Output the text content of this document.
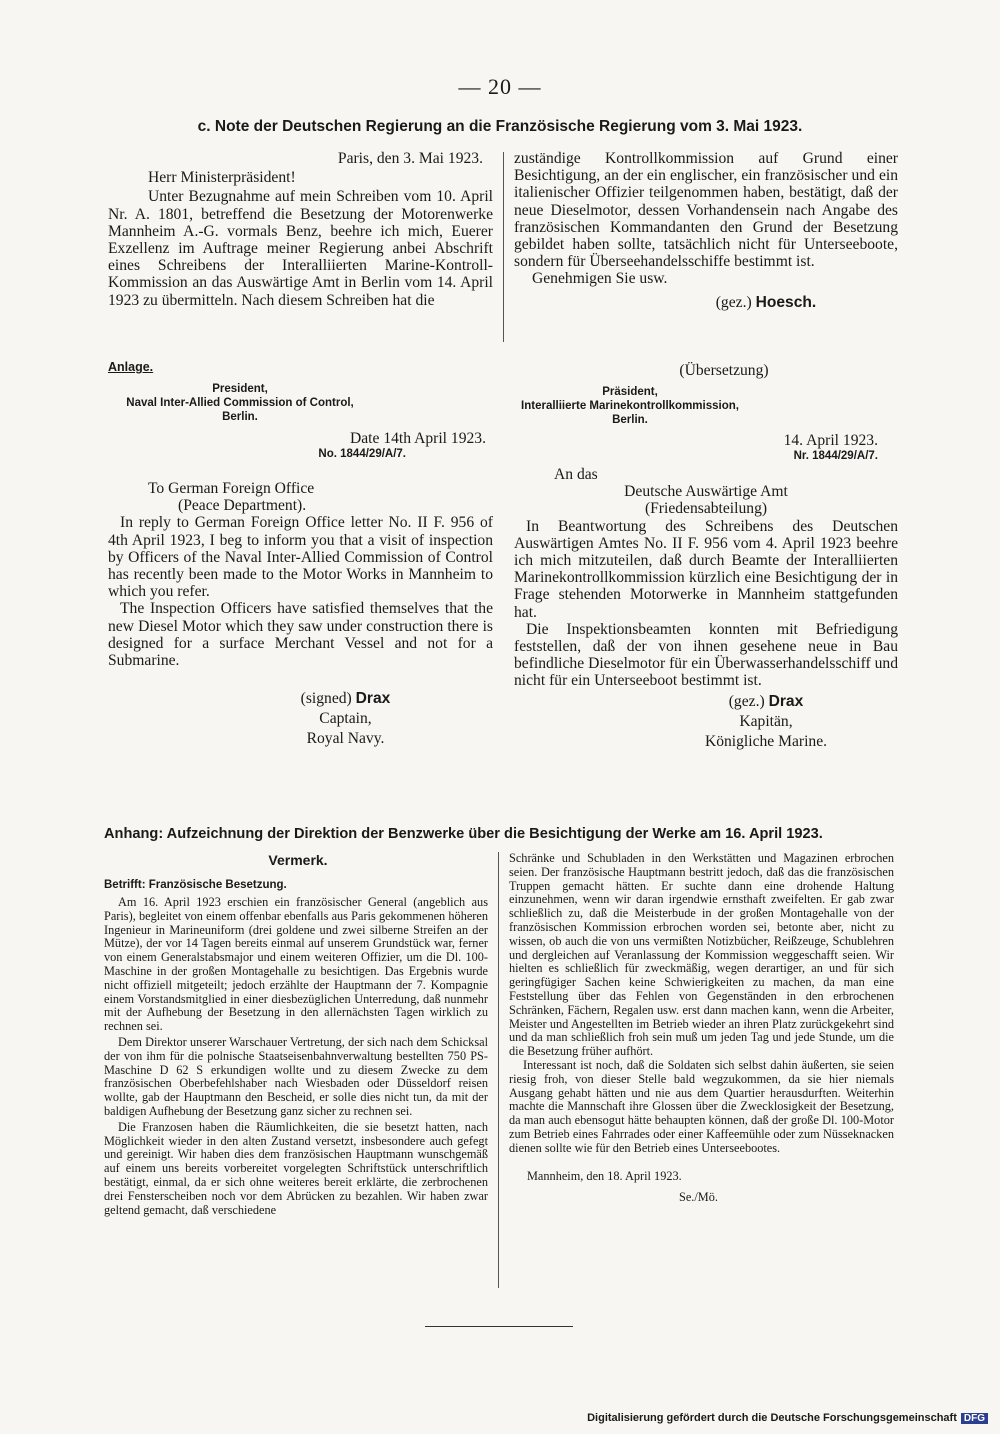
— 20 —
c. Note der Deutschen Regierung an die Französische Regierung vom 3. Mai 1923.

Paris, den 3. Mai 1923.

Herr Ministerpräsident!

Unter Bezugnahme auf mein Schreiben vom 10. April Nr. A. 1801, betreffend die Besetzung der Motorenwerke Mannheim A.-G. vormals Benz, beehre ich mich, Euerer Exzellenz im Auftrage meiner Regierung anbei Abschrift eines Schreibens der Interalliierten Marine-Kontroll-Kommission an das Auswärtige Amt in Berlin vom 14. April 1923 zu übermitteln. Nach diesem Schreiben hat die

zuständige Kontrollkommission auf Grund einer Besichtigung, an der ein englischer, ein französischer und ein italienischer Offizier teilgenommen haben, bestätigt, daß der neue Dieselmotor, dessen Vorhandensein nach Angabe des französischen Kommandanten den Grund der Besetzung gebildet haben sollte, tatsächlich nicht für Unterseeboote, sondern für Überseehandelsschiffe bestimmt ist.

Genehmigen Sie usw.

(gez.) Hoesch.

Anlage.
President,
Naval Inter-Allied Commission of Control,
Berlin.
Date 14th April 1923.
No. 1844/29/A/7.

To German Foreign Office

(Peace Department).

In reply to German Foreign Office letter No. II F. 956 of 4th April 1923, I beg to inform you that a visit of inspection by Officers of the Naval Inter-Allied Commission of Control has recently been made to the Motor Works in Mannheim to which you refer.

The Inspection Officers have satisfied themselves that the new Diesel Motor which they saw under construction there is designed for a surface Merchant Vessel and not for a Submarine.

(signed) Drax
Captain,
Royal Navy.
(Übersetzung)
Präsident,
Interalliierte Marinekontrollkommission,
Berlin.
14. April 1923.
Nr. 1844/29/A/7.

An das

Deutsche Auswärtige Amt

(Friedensabteilung)

In Beantwortung des Schreibens des Deutschen Auswärtigen Amtes No. II F. 956 vom 4. April 1923 beehre ich mich mitzuteilen, daß durch Beamte der Interalliierten Marinekontrollkommission kürzlich eine Besichtigung der in Frage stehenden Motorwerke in Mannheim stattgefunden hat.

Die Inspektionsbeamten konnten mit Befriedigung feststellen, daß der von ihnen gesehene neue in Bau befindliche Dieselmotor für ein Überwasserhandelsschiff und nicht für ein Unterseeboot bestimmt ist.

(gez.) Drax
Kapitän,
Königliche Marine.
Anhang: Aufzeichnung der Direktion der Benzwerke über die Besichtigung der Werke am 16. April 1923.
Vermerk.
Betrifft: Französische Besetzung.

Am 16. April 1923 erschien ein französischer General (angeblich aus Paris), begleitet von einem offenbar ebenfalls aus Paris gekommenen höheren Ingenieur in Marineuniform (drei goldene und zwei silberne Streifen an der Mütze), der vor 14 Tagen bereits einmal auf unserem Grundstück war, ferner von einem Generalstabsmajor und einem weiteren Offizier, um die Dl. 100-Maschine in der großen Montagehalle zu besichtigen. Das Ergebnis wurde nicht offiziell mitgeteilt; jedoch erzählte der Hauptmann der 7. Kompagnie einem Vorstandsmitglied in einer diesbezüglichen Unterredung, daß nunmehr mit der Aufhebung der Besetzung in den allernächsten Tagen wirklich zu rechnen sei.

Dem Direktor unserer Warschauer Vertretung, der sich nach dem Schicksal der von ihm für die polnische Staatseisenbahnverwaltung bestellten 750 PS-Maschine D 62 S erkundigen wollte und zu diesem Zwecke zu dem französischen Oberbefehlshaber nach Wiesbaden oder Düsseldorf reisen wollte, gab der Hauptmann den Bescheid, er solle dies nicht tun, da mit der baldigen Aufhebung der Besetzung ganz sicher zu rechnen sei.

Die Franzosen haben die Räumlichkeiten, die sie besetzt hatten, nach Möglichkeit wieder in den alten Zustand versetzt, insbesondere auch gefegt und gereinigt. Wir haben dies dem französischen Hauptmann wunschgemäß auf einem uns bereits vorbereitet vorgelegten Schriftstück unterschriftlich bestätigt, einmal, da er sich ohne weiteres bereit erklärte, die zerbrochenen drei Fensterscheiben noch vor dem Abrücken zu bezahlen. Wir haben zwar geltend gemacht, daß verschiedene

Schränke und Schubladen in den Werkstätten und Magazinen erbrochen seien. Der französische Hauptmann bestritt jedoch, daß das die französischen Truppen gemacht hätten. Er suchte dann eine drohende Haltung einzunehmen, wenn wir daran irgendwie ernsthaft zweifelten. Er gab zwar schließlich zu, daß die Meisterbude in der großen Montagehalle von der französischen Kommission erbrochen worden sei, betonte aber, nicht zu wissen, ob auch die von uns vermißten Notizbücher, Reißzeuge, Schublehren und dergleichen auf Veranlassung der Kommission weggeschafft seien. Wir hielten es schließlich für zweckmäßig, wegen derartiger, an und für sich geringfügiger Sachen keine Schwierigkeiten zu machen, da man eine Feststellung über das Fehlen von Gegenständen in den erbrochenen Schränken, Fächern, Regalen usw. erst dann machen kann, wenn die Arbeiter, Meister und Angestellten im Betrieb wieder an ihren Platz zurückgekehrt sind und da man schließlich froh sein muß um jeden Tag und jede Stunde, um die die Besetzung früher aufhört.

Interessant ist noch, daß die Soldaten sich selbst dahin äußerten, sie seien riesig froh, von dieser Stelle bald wegzukommen, da sie hier niemals Ausgang gehabt hätten und nie aus dem Quartier herausdurften. Weiterhin machte die Mannschaft ihre Glossen über die Zwecklosigkeit der Besetzung, da man auch ebensogut hätte behaupten können, daß der große Dl. 100-Motor zum Betrieb eines Fahrrades oder einer Kaffeemühle oder zum Nüsseknacken dienen sollte wie für den Betrieb eines Unterseebootes.

Mannheim, den 18. April 1923.

Se./Mö.

Digitalisierung gefördert durch die Deutsche Forschungsgemeinschaft DFG
